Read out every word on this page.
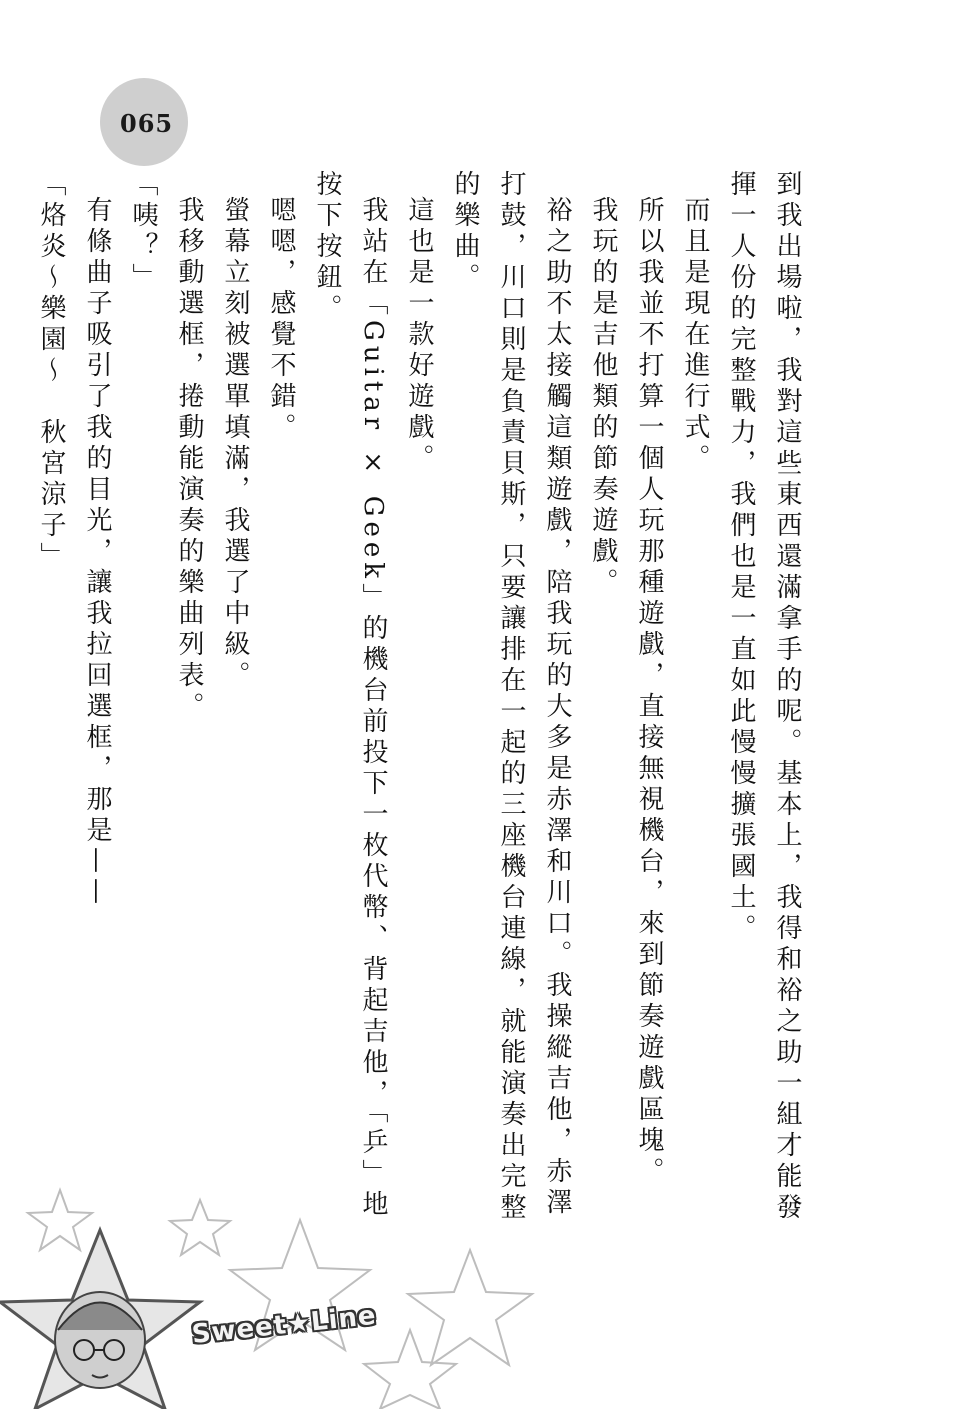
065

到我出場啦，我對這些東西還滿拿手的呢。基本上，我得和裕之助一組才能發揮一人份的完整戰力，我們也是一直如此慢慢擴張國土。

而且是現在進行式。

所以我並不打算一個人玩那種遊戲，直接無視機台，來到節奏遊戲區塊。

我玩的是吉他類的節奏遊戲。

裕之助不太接觸這類遊戲，陪我玩的大多是赤澤和川口。我操縱吉他，赤澤打鼓，川口則是負責貝斯，只要讓排在一起的三座機台連線，就能演奏出完整的樂曲。

這也是一款好遊戲。

我站在「Guitar × Geek」的機台前投下一枚代幣、背起吉他，「乒」地按下按鈕。

嗯嗯，感覺不錯。

螢幕立刻被選單填滿，我選了中級。

我移動選框，捲動能演奏的樂曲列表。

「咦？」

有條曲子吸引了我的目光，讓我拉回選框，那是——

「烙炎～樂園～　秋宮涼子」

Sweet★Line
